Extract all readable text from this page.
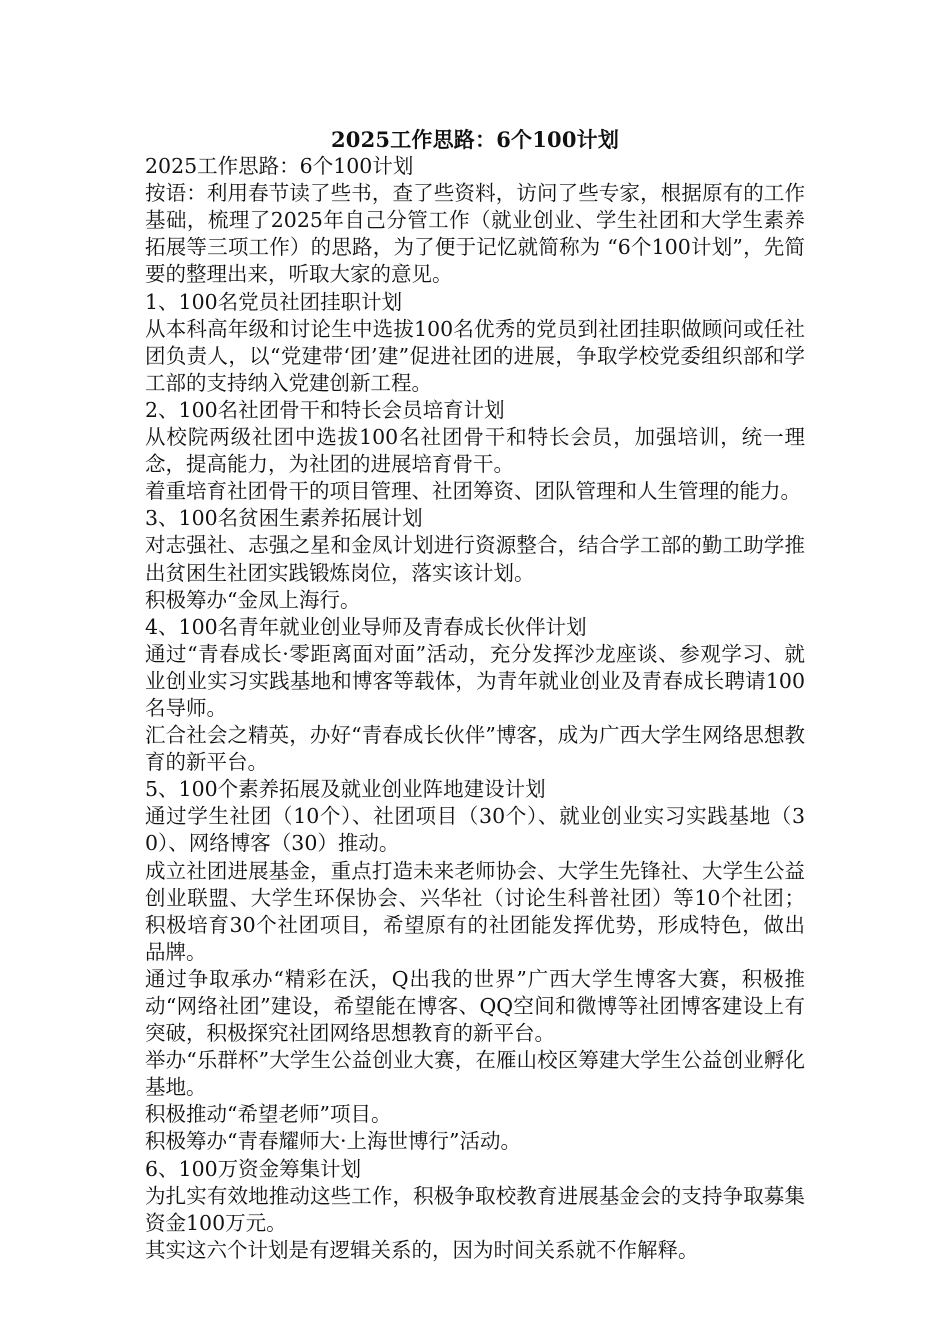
2025工作思路：6个100计划
2025工作思路：6个100计划
按语：利用春节读了些书，查了些资料，访问了些专家，根据原有的工作基础，梳理了2025年自己分管工作（就业创业、学生社团和大学生素养拓展等三项工作）的思路，为了便于记忆就简称为 “6个100计划”，先简要的整理出来，听取大家的意见。
1、100名党员社团挂职计划
从本科高年级和讨论生中选拔100名优秀的党员到社团挂职做顾问或任社团负责人，以“党建带‘团’建”促进社团的进展，争取学校党委组织部和学工部的支持纳入党建创新工程。
2、100名社团骨干和特长会员培育计划
从校院两级社团中选拔100名社团骨干和特长会员，加强培训，统一理念，提高能力，为社团的进展培育骨干。
着重培育社团骨干的项目管理、社团筹资、团队管理和人生管理的能力。
3、100名贫困生素养拓展计划
对志强社、志强之星和金凤计划进行资源整合，结合学工部的勤工助学推出贫困生社团实践锻炼岗位，落实该计划。
积极筹办“金凤上海行。
4、100名青年就业创业导师及青春成长伙伴计划
通过“青春成长·零距离面对面”活动，充分发挥沙龙座谈、参观学习、就业创业实习实践基地和博客等载体，为青年就业创业及青春成长聘请100名导师。
汇合社会之精英，办好“青春成长伙伴”博客，成为广西大学生网络思想教育的新平台。
5、100个素养拓展及就业创业阵地建设计划
通过学生社团（10个）、社团项目（30个）、就业创业实习实践基地（30）、网络博客（30）推动。
成立社团进展基金，重点打造未来老师协会、大学生先锋社、大学生公益创业联盟、大学生环保协会、兴华社（讨论生科普社团）等10个社团；积极培育30个社团项目，希望原有的社团能发挥优势，形成特色，做出品牌。
通过争取承办“精彩在沃，Q出我的世界”广西大学生博客大赛，积极推动“网络社团”建设，希望能在博客、QQ空间和微博等社团博客建设上有突破，积极探究社团网络思想教育的新平台。
举办“乐群杯”大学生公益创业大赛，在雁山校区筹建大学生公益创业孵化基地。
积极推动“希望老师”项目。
积极筹办“青春耀师大·上海世博行”活动。
6、100万资金筹集计划
为扎实有效地推动这些工作，积极争取校教育进展基金会的支持争取募集资金100万元。
其实这六个计划是有逻辑关系的，因为时间关系就不作解释。
